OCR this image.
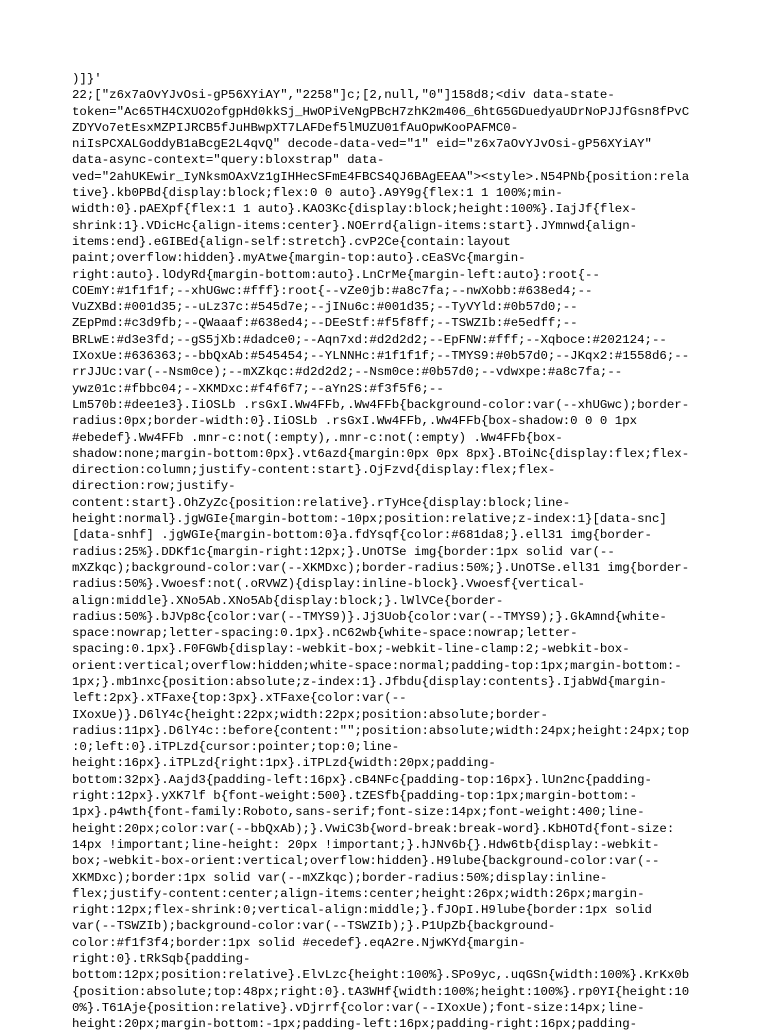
)]}'
22;["z6x7aOvYJvOsi-gP56XYiAY","2258"]c;[2,null,"0"]158d8;<div data-state-
token="Ac65TH4CXUO2ofgpHd0kkSj_HwOPiVeNgPBcH7zhK2m406_6htG5GDuedyaUDrNoPJJfGsn8fPvC
ZDYVo7etEsxMZPIJRCB5fJuHBwpXT7LAFDef5lMUZU01fAuOpwKooPAFMC0-
niIsPCXALGoddyB1aBcgE2L4qvQ" decode-data-ved="1" eid="z6x7aOvYJvOsi-gP56XYiAY"
data-async-context="query:bloxstrap" data-
ved="2ahUKEwir_IyNksmOAxVz1gIHHecSFmE4FBCS4QJ6BAgEEAA"><style>.N54PNb{position:rela
tive}.kb0PBd{display:block;flex:0 0 auto}.A9Y9g{flex:1 1 100%;min-
width:0}.pAEXpf{flex:1 1 auto}.KAO3Kc{display:block;height:100%}.IajJf{flex-
shrink:1}.VDicHc{align-items:center}.NOErrd{align-items:start}.JYmnwd{align-
items:end}.eGIBEd{align-self:stretch}.cvP2Ce{contain:layout
paint;overflow:hidden}.myAtwe{margin-top:auto}.cEaSVc{margin-
right:auto}.lOdyRd{margin-bottom:auto}.LnCrMe{margin-left:auto}:root{--
COEmY:#1f1f1f;--xhUGwc:#fff}:root{--vZe0jb:#a8c7fa;--nwXobb:#638ed4;--
VuZXBd:#001d35;--uLz37c:#545d7e;--jINu6c:#001d35;--TyVYld:#0b57d0;--
ZEpPmd:#c3d9fb;--QWaaaf:#638ed4;--DEeStf:#f5f8ff;--TSWZIb:#e5edff;--
BRLwE:#d3e3fd;--gS5jXb:#dadce0;--Aqn7xd:#d2d2d2;--EpFNW:#fff;--Xqboce:#202124;--
IXoxUe:#636363;--bbQxAb:#545454;--YLNNHc:#1f1f1f;--TMYS9:#0b57d0;--JKqx2:#1558d6;--
rrJJUc:var(--Nsm0ce);--mXZkqc:#d2d2d2;--Nsm0ce:#0b57d0;--vdwxpe:#a8c7fa;--
ywz01c:#fbbc04;--XKMDxc:#f4f6f7;--aYn2S:#f3f5f6;--
Lm570b:#dee1e3}.IiOSLb .rsGxI.Ww4FFb,.Ww4FFb{background-color:var(--xhUGwc);border-
radius:0px;border-width:0}.IiOSLb .rsGxI.Ww4FFb,.Ww4FFb{box-shadow:0 0 0 1px
#ebedef}.Ww4FFb .mnr-c:not(:empty),.mnr-c:not(:empty) .Ww4FFb{box-
shadow:none;margin-bottom:0px}.vt6azd{margin:0px 0px 8px}.BToiNc{display:flex;flex-
direction:column;justify-content:start}.OjFzvd{display:flex;flex-
direction:row;justify-
content:start}.OhZyZc{position:relative}.rTyHce{display:block;line-
height:normal}.jgWGIe{margin-bottom:-10px;position:relative;z-index:1}[data-snc]
[data-snhf] .jgWGIe{margin-bottom:0}a.fdYsqf{color:#681da8;}.ell31 img{border-
radius:25%}.DDKf1c{margin-right:12px;}.UnOTSe img{border:1px solid var(--
mXZkqc);background-color:var(--XKMDxc);border-radius:50%;}.UnOTSe.ell31 img{border-
radius:50%}.Vwoesf:not(.oRVWZ){display:inline-block}.Vwoesf{vertical-
align:middle}.XNo5Ab.XNo5Ab{display:block;}.lWlVCe{border-
radius:50%}.bJVp8c{color:var(--TMYS9)}.Jj3Uob{color:var(--TMYS9);}.GkAmnd{white-
space:nowrap;letter-spacing:0.1px}.nC62wb{white-space:nowrap;letter-
spacing:0.1px}.F0FGWb{display:-webkit-box;-webkit-line-clamp:2;-webkit-box-
orient:vertical;overflow:hidden;white-space:normal;padding-top:1px;margin-bottom:-
1px;}.mb1nxc{position:absolute;z-index:1}.Jfbdu{display:contents}.IjabWd{margin-
left:2px}.xTFaxe{top:3px}.xTFaxe{color:var(--
IXoxUe)}.D6lY4c{height:22px;width:22px;position:absolute;border-
radius:11px}.D6lY4c::before{content:"";position:absolute;width:24px;height:24px;top
:0;left:0}.iTPLzd{cursor:pointer;top:0;line-
height:16px}.iTPLzd{right:1px}.iTPLzd{width:20px;padding-
bottom:32px}.Aajd3{padding-left:16px}.cB4NFc{padding-top:16px}.lUn2nc{padding-
right:12px}.yXK7lf b{font-weight:500}.tZESfb{padding-top:1px;margin-bottom:-
1px}.p4wth{font-family:Roboto,sans-serif;font-size:14px;font-weight:400;line-
height:20px;color:var(--bbQxAb);}.VwiC3b{word-break:break-word}.KbHOTd{font-size:
14px !important;line-height: 20px !important;}.hJNv6b{}.Hdw6tb{display:-webkit-
box;-webkit-box-orient:vertical;overflow:hidden}.H9lube{background-color:var(--
XKMDxc);border:1px solid var(--mXZkqc);border-radius:50%;display:inline-
flex;justify-content:center;align-items:center;height:26px;width:26px;margin-
right:12px;flex-shrink:0;vertical-align:middle;}.fJOpI.H9lube{border:1px solid
var(--TSWZIb);background-color:var(--TSWZIb);}.P1UpZb{background-
color:#f1f3f4;border:1px solid #ecedef}.eqA2re.NjwKYd{margin-
right:0}.tRkSqb{padding-
bottom:12px;position:relative}.ElvLzc{height:100%}.SPo9yc,.uqGSn{width:100%}.KrKx0b
{position:absolute;top:48px;right:0}.tA3WHf{width:100%;height:100%}.rp0YI{height:10
0%}.T61Aje{position:relative}.vDjrrf{color:var(--IXoxUe);font-size:14px;line-
height:20px;margin-bottom:-1px;padding-left:16px;padding-right:16px;padding-
